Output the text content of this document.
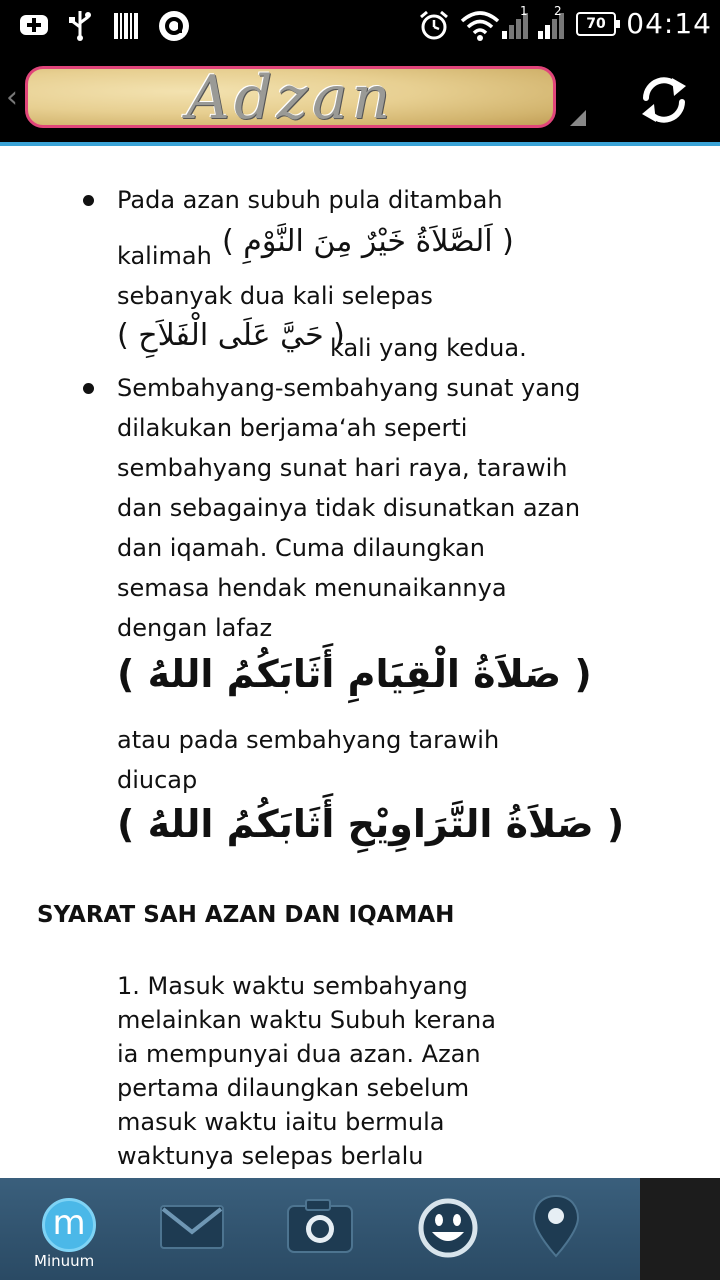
1 2
70 04:14
‹	Adzan
Pada azan subuh pula ditambah
kalimah ( اَلصَّلاَةُ خَيْرٌ مِنَ النَّوْمِ )
sebanyak dua kali selepas
( حَيَّ عَلَى الْفَلاَحِ )
kali yang kedua.
Sembahyang-sembahyang sunat yang
dilakukan berjama‘ah seperti
sembahyang sunat hari raya, tarawih
dan sebagainya tidak disunatkan azan
dan iqamah. Cuma dilaungkan
semasa hendak menunaikannya
dengan lafaz
( صَلاَةُ الْقِيَامِ أَثَابَكُمُ اللهُ )
atau pada sembahyang tarawih
diucap
( صَلاَةُ التَّرَاوِيْحِ أَثَابَكُمُ اللهُ )
SYARAT SAH AZAN DAN IQAMAH
1. Masuk waktu sembahyang
melainkan waktu Subuh kerana
ia mempunyai dua azan. Azan
pertama dilaungkan sebelum
masuk waktu iaitu bermula
waktunya selepas berlalu
m
Minuum
